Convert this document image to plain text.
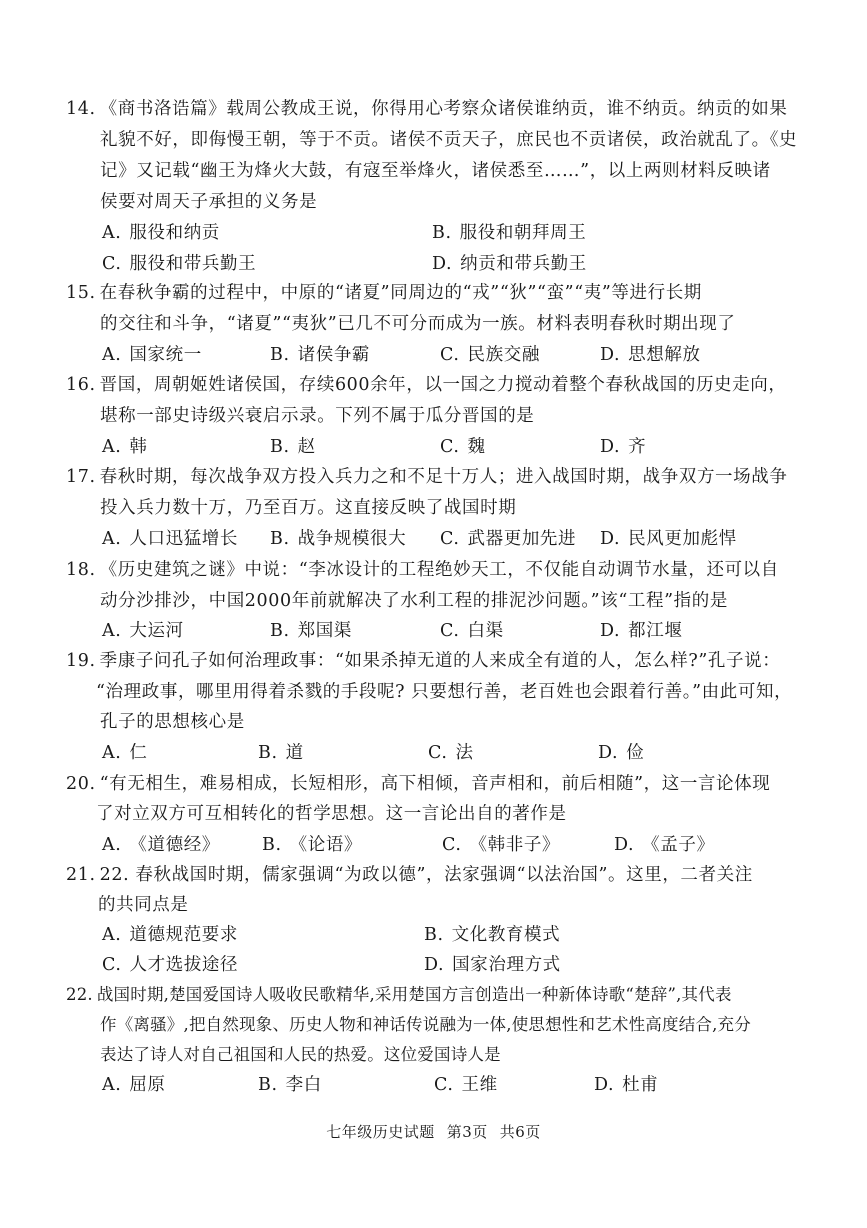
14. 《商书洛诰篇》载周公教成王说，你得用心考察众诸侯谁纳贡，谁不纳贡。纳贡的如果
礼貌不好，即侮慢王朝，等于不贡。诸侯不贡天子，庶民也不贡诸侯，政治就乱了。《史
记》又记载“幽王为烽火大鼓，有寇至举烽火，诸侯悉至……”，以上两则材料反映诸
侯要对周天子承担的义务是
A. 服役和纳贡	B. 服役和朝拜周王
C. 服役和带兵勤王	D. 纳贡和带兵勤王
15. 在春秋争霸的过程中，中原的“诸夏”同周边的“戎”“狄”“蛮”“夷”等进行长期
的交往和斗争，“诸夏”“夷狄”已几不可分而成为一族。材料表明春秋时期出现了
A. 国家统一	B. 诸侯争霸	C. 民族交融	D. 思想解放
16. 晋国，周朝姬姓诸侯国，存续600余年，以一国之力搅动着整个春秋战国的历史走向，
堪称一部史诗级兴衰启示录。下列不属于瓜分晋国的是
A. 韩	B. 赵	C. 魏	D. 齐
17. 春秋时期，每次战争双方投入兵力之和不足十万人；进入战国时期，战争双方一场战争
投入兵力数十万，乃至百万。这直接反映了战国时期
A. 人口迅猛增长 B. 战争规模很大 C. 武器更加先进 D. 民风更加彪悍
18. 《历史建筑之谜》中说：“李冰设计的工程绝妙天工，不仅能自动调节水量，还可以自
动分沙排沙，中国2000年前就解决了水利工程的排泥沙问题。”该“工程”指的是
A. 大运河	B. 郑国渠	C. 白渠	D. 都江堰
19. 季康子问孔子如何治理政事：“如果杀掉无道的人来成全有道的人，怎么样?”孔子说：
“治理政事，哪里用得着杀戮的手段呢? 只要想行善，老百姓也会跟着行善。”由此可知，
孔子的思想核心是
A. 仁	B. 道	C. 法	D. 俭
20. “有无相生，难易相成，长短相形，高下相倾，音声相和，前后相随”，这一言论体现
了对立双方可互相转化的哲学思想。这一言论出自的著作是
A. 《道德经》 B. 《论语》	C. 《韩非子》	D. 《孟子》
21. 22. 春秋战国时期，儒家强调“为政以德”，法家强调“以法治国”。这里，二者关注
的共同点是
A. 道德规范要求	B. 文化教育模式
C. 人才选拔途径	D. 国家治理方式
22. 战国时期,楚国爱国诗人吸收民歌精华,采用楚国方言创造出一种新体诗歌“楚辞”,其代表
作《离骚》,把自然现象、历史人物和神话传说融为一体,使思想性和艺术性高度结合,充分
表达了诗人对自己祖国和人民的热爱。这位爱国诗人是
A. 屈原	B. 李白	C. 王维	D. 杜甫
七年级历史试题 第3页 共6页
